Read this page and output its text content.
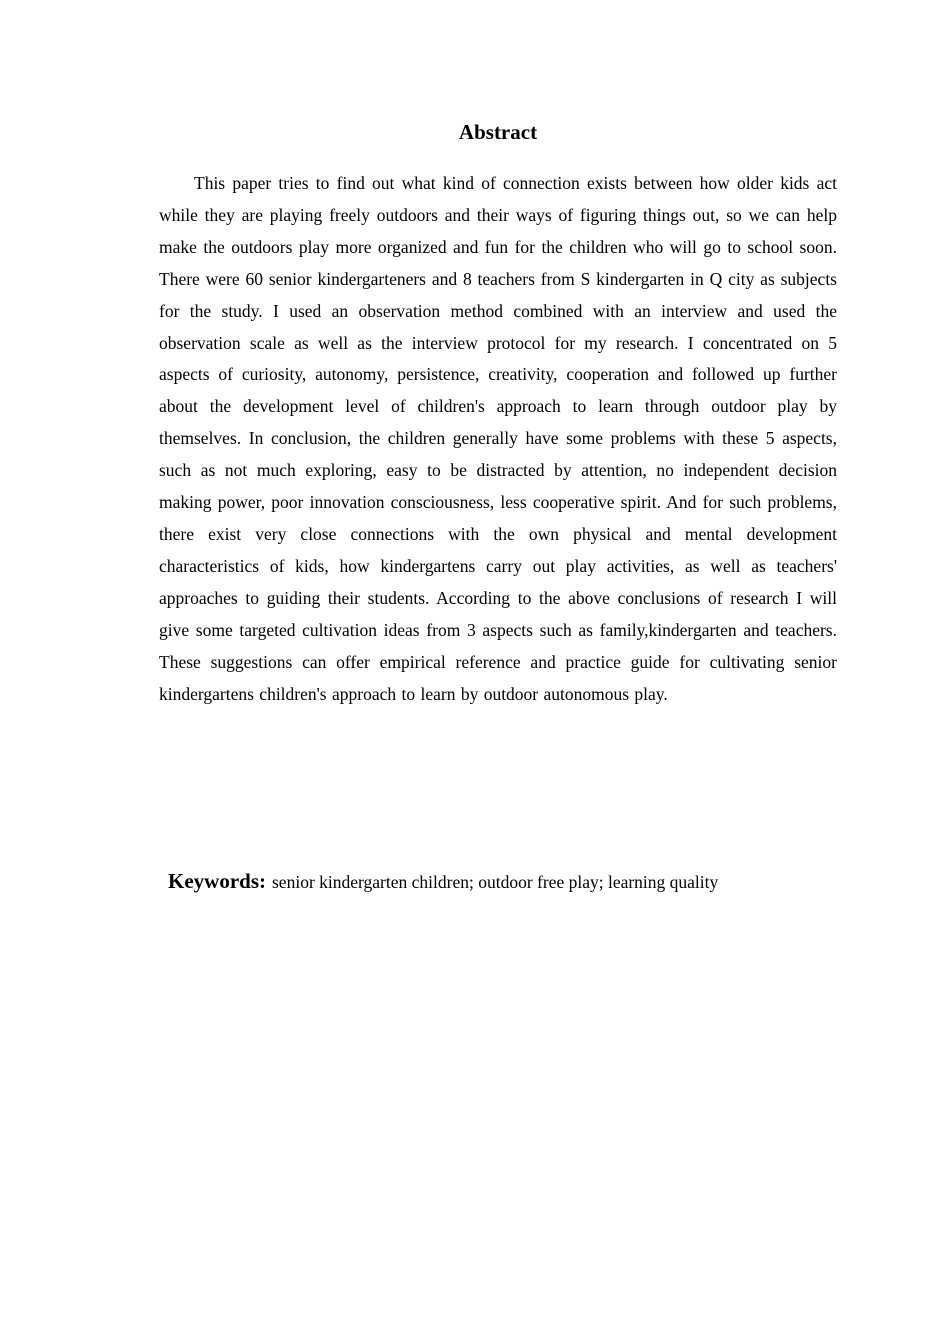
Abstract

This paper tries to find out what kind of connection exists between how older kids act while they are playing freely outdoors and their ways of figuring things out, so we can help make the outdoors play more organized and fun for the children who will go to school soon. There were 60 senior kindergarteners and 8 teachers from S kindergarten in Q city as subjects for the study. I used an observation method combined with an interview and used the observation scale as well as the interview protocol for my research. I concentrated on 5 aspects of curiosity, autonomy, persistence, creativity, cooperation and followed up further about the development level of children's approach to learn through outdoor play by themselves. In conclusion, the children generally have some problems with these 5 aspects, such as not much exploring, easy to be distracted by attention, no independent decision making power, poor innovation consciousness, less cooperative spirit. And for such problems, there exist very close connections with the own physical and mental development characteristics of kids, how kindergartens carry out play activities, as well as teachers' approaches to guiding their students. According to the above conclusions of research I will give some targeted cultivation ideas from 3 aspects such as family,kindergarten and teachers. These suggestions can offer empirical reference and practice guide for cultivating senior kindergartens children's approach to learn by outdoor autonomous play.

Keywords: senior kindergarten children; outdoor free play; learning quality
